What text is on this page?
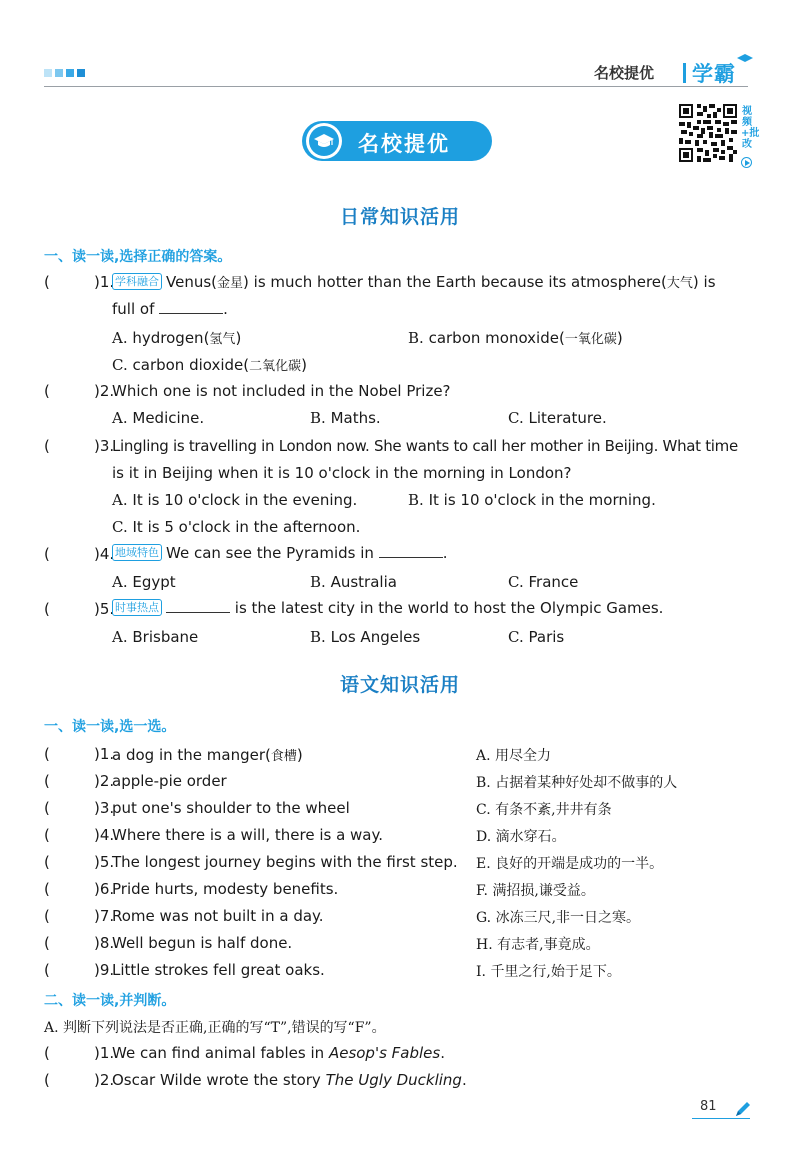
名校提优 学霸
名校提优
视频+批改
日常知识活用
一、读一读,选择正确的答案。
(	)1. 学科融合 Venus(金星) is much hotter than the Earth because its atmosphere(大气) is
full of	.
A. hydrogen(氢气)	B. carbon monoxide(一氧化碳)
C. carbon dioxide(二氧化碳)
(	)2.
Which one is not included in the Nobel Prize?
A. Medicine.	B. Maths.	C. Literature.
(	)3.
Lingling is travelling in London now. She wants to call her mother in Beijing. What time
is it in Beijing when it is 10 o'clock in the morning in London?
A. It is 10 o'clock in the evening.	B. It is 10 o'clock in the morning.
C. It is 5 o'clock in the afternoon.
(	)4. 地域特色 We can see the Pyramids in	.
A. Egypt	B. Australia	C. France
(	)5. 时事热点	is the latest city in the world to host the Olympic Games.
A. Brisbane	B. Los Angeles	C. Paris
语文知识活用
一、读一读,选一选。
(	)1.
a dog in the manger(食槽)	A. 用尽全力
(	)2.
apple-pie order	B. 占据着某种好处却不做事的人
(	)3.
put one's shoulder to the wheel	C. 有条不紊,井井有条
(	)4.
Where there is a will, there is a way.	D. 滴水穿石。
(	)5.
The longest journey begins with the first step. E. 良好的开端是成功的一半。
(	)6.
Pride hurts, modesty benefits.	F. 满招损,谦受益。
(	)7.
Rome was not built in a day.	G. 冰冻三尺,非一日之寒。
(	)8.
Well begun is half done.	H. 有志者,事竟成。
(	)9.
Little strokes fell great oaks.	I. 千里之行,始于足下。
二、读一读,并判断。
A. 判断下列说法是否正确,正确的写“T”,错误的写“F”。
(	)1.
We can find animal fables in Aesop's Fables.
(	)2.
Oscar Wilde wrote the story The Ugly Duckling.
81
